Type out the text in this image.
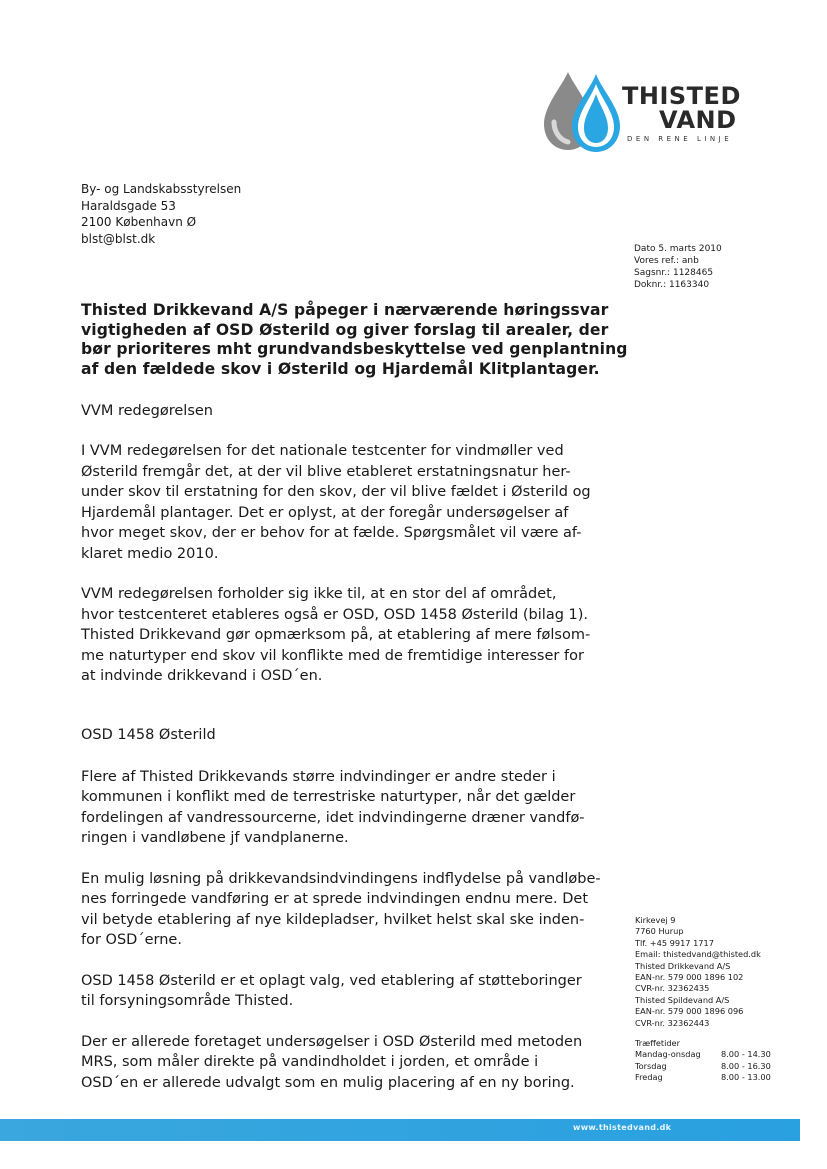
THISTED
VAND
DEN RENE LINJE
By- og Landskabsstyrelsen
Haraldsgade 53
2100 København Ø
blst@blst.dk
Dato 5. marts 2010
Vores ref.: anb
Sagsnr.: 1128465
Doknr.: 1163340
Thisted Drikkevand A/S påpeger i nærværende høringssvar
vigtigheden af OSD Østerild og giver forslag til arealer, der
bør prioriteres mht grundvandsbeskyttelse ved genplantning
af den fældede skov i Østerild og Hjardemål Klitplantager.
VVM redegørelsen

I VVM redegørelsen for det nationale testcenter for vindmøller ved
Østerild fremgår det, at der vil blive etableret erstatningsnatur her-
under skov til erstatning for den skov, der vil blive fældet i Østerild og
Hjardemål plantager. Det er oplyst, at der foregår undersøgelser af
hvor meget skov, der er behov for at fælde. Spørgsmålet vil være af-
klaret medio 2010.

VVM redegørelsen forholder sig ikke til, at en stor del af området,
hvor testcenteret etableres også er OSD, OSD 1458 Østerild (bilag 1).
Thisted Drikkevand gør opmærksom på, at etablering af mere følsom-
me naturtyper end skov vil konflikte med de fremtidige interesser for
at indvinde drikkevand i OSD´en.

OSD 1458 Østerild

Flere af Thisted Drikkevands større indvindinger er andre steder i
kommunen i konflikt med de terrestriske naturtyper, når det gælder
fordelingen af vandressourcerne, idet indvindingerne dræner vandfø-
ringen i vandløbene jf vandplanerne.

En mulig løsning på drikkevandsindvindingens indflydelse på vandløbe-
nes forringede vandføring er at sprede indvindingen endnu mere. Det
vil betyde etablering af nye kildepladser, hvilket helst skal ske inden-
for OSD´erne.

OSD 1458 Østerild er et oplagt valg, ved etablering af støtteboringer
til forsyningsområde Thisted.

Der er allerede foretaget undersøgelser i OSD Østerild med metoden
MRS, som måler direkte på vandindholdet i jorden, et område i
OSD´en er allerede udvalgt som en mulig placering af en ny boring.

Kirkevej 9
7760 Hurup
Tlf. +45 9917 1717
Email: thistedvand@thisted.dk
Thisted Drikkevand A/S
EAN-nr. 579 000 1896 102
CVR-nr. 32362435
Thisted Spildevand A/S
EAN-nr. 579 000 1896 096
CVR-nr. 32362443
Træffetider
Mandag-onsdag	8.00 - 14.30
Torsdag	8.00 - 16.30
Fredag	8.00 - 13.00
www.thistedvand.dk
